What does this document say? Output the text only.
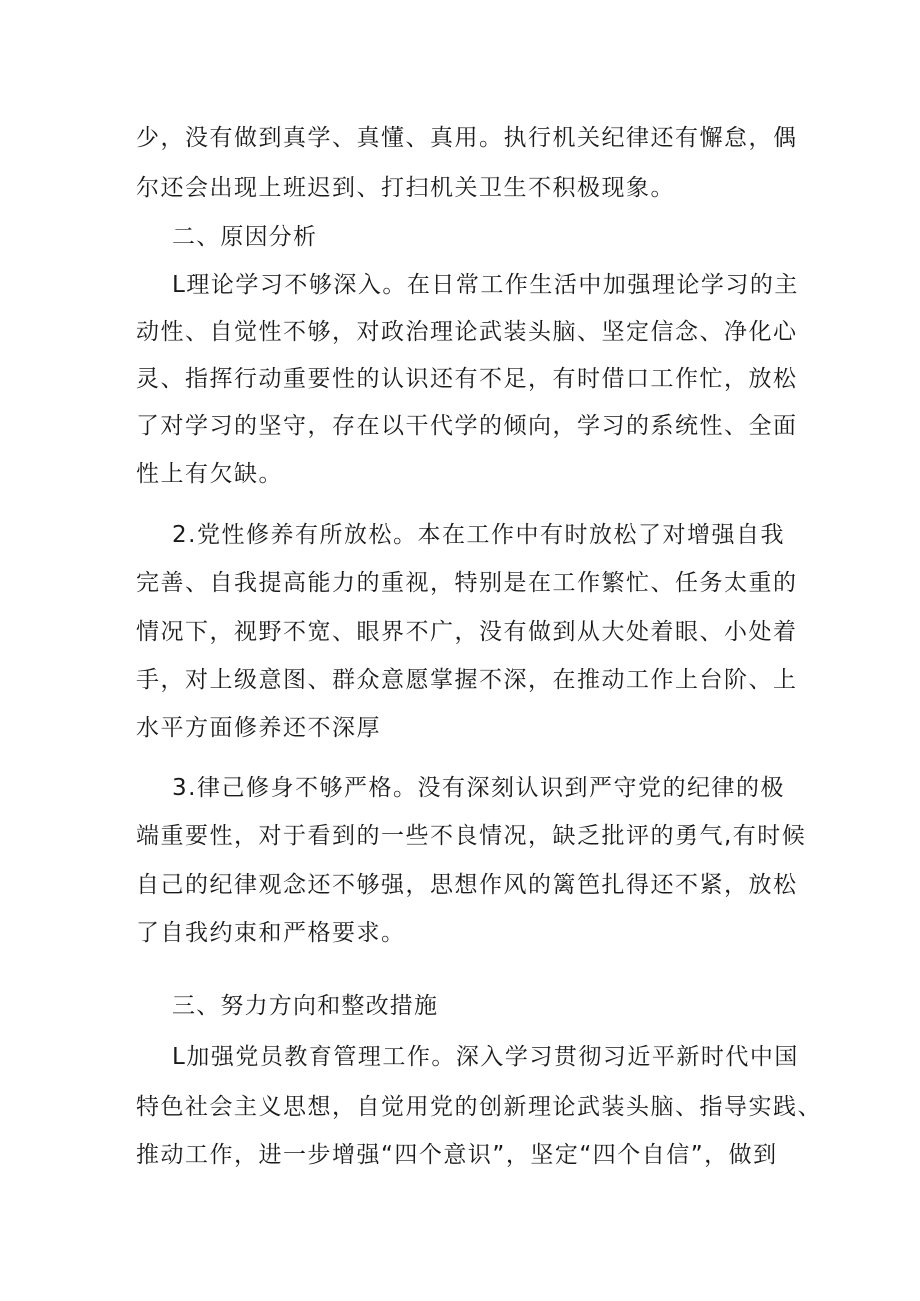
少，没有做到真学、真懂、真用。执行机关纪律还有懈怠，偶
尔还会出现上班迟到、打扫机关卫生不积极现象。
二、原因分析
L理论学习不够深入。在日常工作生活中加强理论学习的主
动性、自觉性不够，对政治理论武装头脑、坚定信念、净化心
灵、指挥行动重要性的认识还有不足，有时借口工作忙，放松
了对学习的坚守，存在以干代学的倾向，学习的系统性、全面
性上有欠缺。
2.党性修养有所放松。本在工作中有时放松了对增强自我
完善、自我提高能力的重视，特别是在工作繁忙、任务太重的
情况下，视野不宽、眼界不广，没有做到从大处着眼、小处着
手，对上级意图、群众意愿掌握不深，在推动工作上台阶、上
水平方面修养还不深厚
3.律己修身不够严格。没有深刻认识到严守党的纪律的极
端重要性，对于看到的一些不良情况，缺乏批评的勇气,有时候
自己的纪律观念还不够强，思想作风的篱笆扎得还不紧，放松
了自我约束和严格要求。
三、努力方向和整改措施
L加强党员教育管理工作。深入学习贯彻习近平新时代中国
特色社会主义思想，自觉用党的创新理论武装头脑、指导实践、
推动工作，进一步增强“四个意识”，坚定“四个自信”，做到
